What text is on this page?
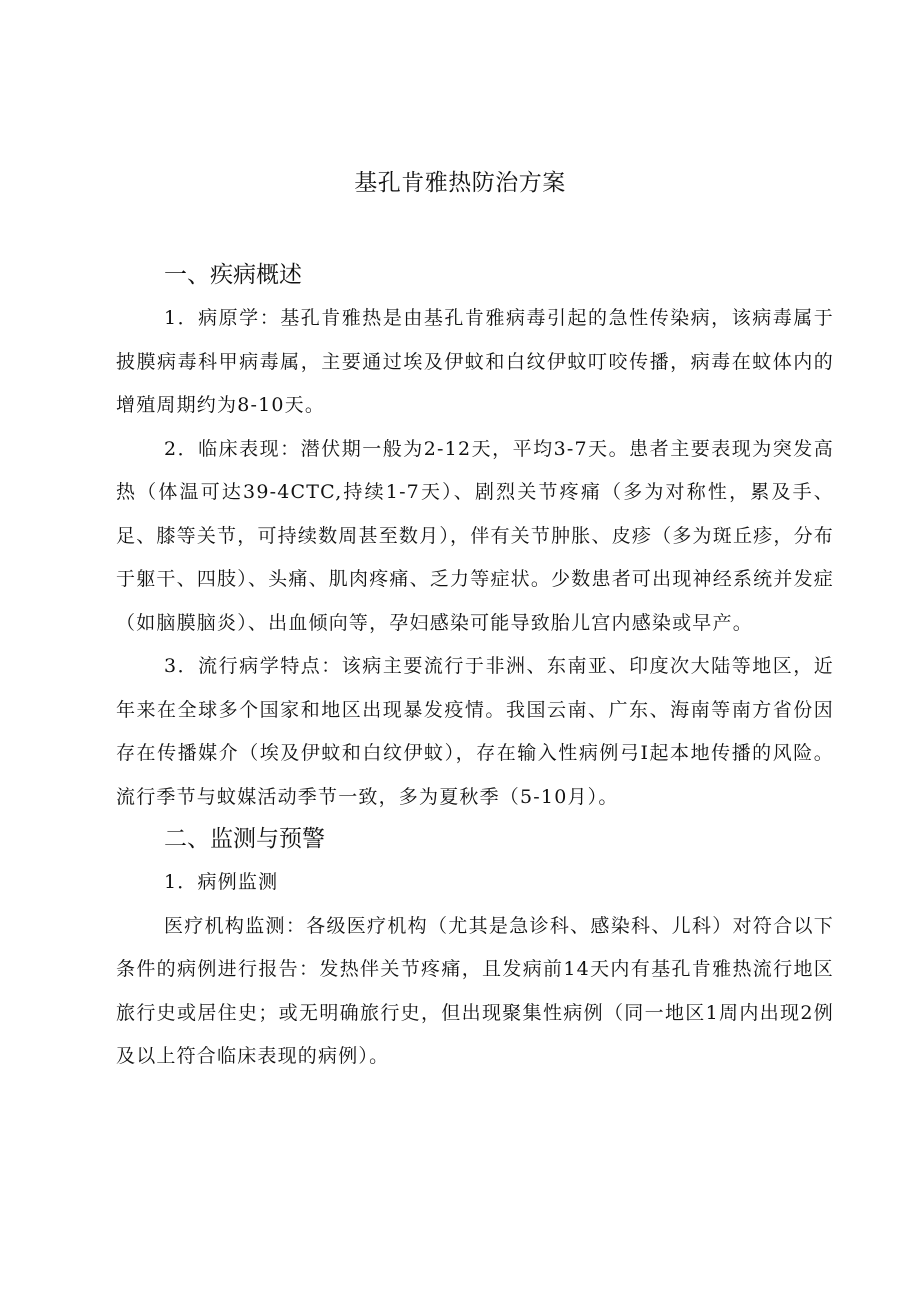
基孔肯雅热防治方案
一、疾病概述

1．病原学：基孔肯雅热是由基孔肯雅病毒引起的急性传染病，该病毒属于披膜病毒科甲病毒属，主要通过埃及伊蚊和白纹伊蚊叮咬传播，病毒在蚊体内的增殖周期约为8-10天。

2．临床表现：潜伏期一般为2-12天，平均3-7天。患者主要表现为突发高热（体温可达39-4CTC,持续1-7天）、剧烈关节疼痛（多为对称性，累及手、足、膝等关节，可持续数周甚至数月），伴有关节肿胀、皮疹（多为斑丘疹，分布于躯干、四肢）、头痛、肌肉疼痛、乏力等症状。少数患者可出现神经系统并发症（如脑膜脑炎）、出血倾向等，孕妇感染可能导致胎儿宫内感染或早产。

3．流行病学特点：该病主要流行于非洲、东南亚、印度次大陆等地区，近年来在全球多个国家和地区出现暴发疫情。我国云南、广东、海南等南方省份因存在传播媒介（埃及伊蚊和白纹伊蚊），存在输入性病例弓I起本地传播的风险。流行季节与蚊媒活动季节一致，多为夏秋季（5-10月）。

二、监测与预警

1．病例监测

医疗机构监测：各级医疗机构（尤其是急诊科、感染科、儿科）对符合以下条件的病例进行报告：发热伴关节疼痛，且发病前14天内有基孔肯雅热流行地区旅行史或居住史；或无明确旅行史，但出现聚集性病例（同一地区1周内出现2例及以上符合临床表现的病例）。
